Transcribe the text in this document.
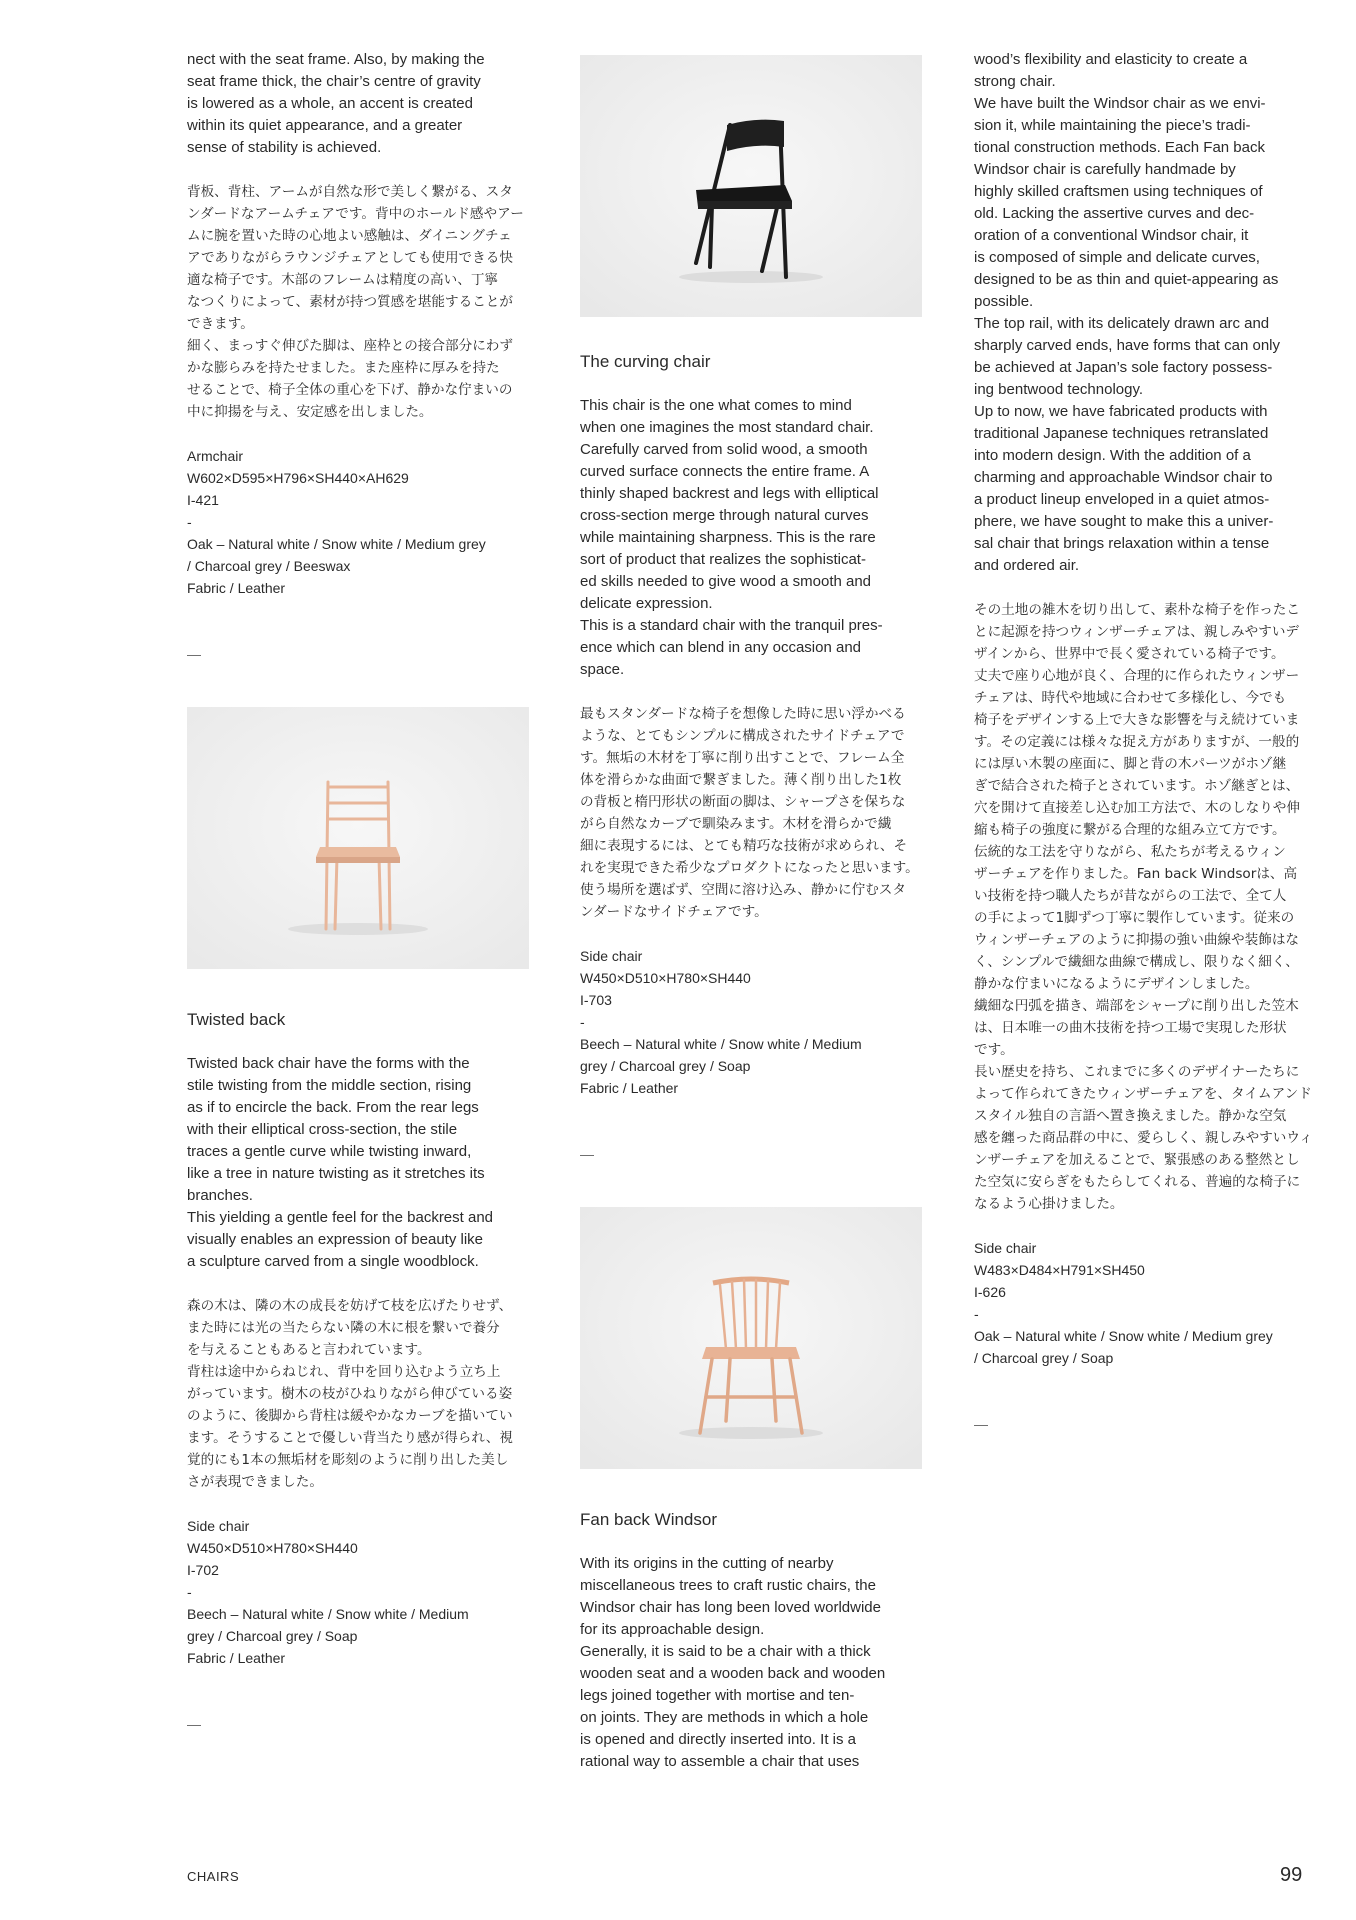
nect with the seat frame. Also, by making the
seat frame thick, the chair’s centre of gravity
is lowered as a whole, an accent is created
within its quiet appearance, and a greater
sense of stability is achieved.

背板、背柱、アームが自然な形で美しく繋がる、スタ
ンダードなアームチェアです。背中のホールド感やアー
ムに腕を置いた時の心地よい感触は、ダイニングチェ
アでありながらラウンジチェアとしても使用できる快
適な椅子です。木部のフレームは精度の高い、丁寧
なつくりによって、素材が持つ質感を堪能することが
できます。
細く、まっすぐ伸びた脚は、座枠との接合部分にわず
かな膨らみを持たせました。また座枠に厚みを持た
せることで、椅子全体の重心を下げ、静かな佇まいの
中に抑揚を与え、安定感を出しました。

Armchair
W602×D595×H796×SH440×AH629
I-421
-
Oak – Natural white / Snow white / Medium grey
/ Charcoal grey / Beeswax
Fabric / Leather

—
Twisted back

Twisted back chair have the forms with the
stile twisting from the middle section, rising
as if to encircle the back. From the rear legs
with their elliptical cross-section, the stile
traces a gentle curve while twisting inward,
like a tree in nature twisting as it stretches its
branches.
This yielding a gentle feel for the backrest and
visually enables an expression of beauty like
a sculpture carved from a single woodblock.

森の木は、隣の木の成長を妨げて枝を広げたりせず、
また時には光の当たらない隣の木に根を繋いで養分
を与えることもあると言われています。
背柱は途中からねじれ、背中を回り込むよう立ち上
がっています。樹木の枝がひねりながら伸びている姿
のように、後脚から背柱は緩やかなカーブを描いてい
ます。そうすることで優しい背当たり感が得られ、視
覚的にも1本の無垢材を彫刻のように削り出した美し
さが表現できました。

Side chair
W450×D510×H780×SH440
I-702
-
Beech – Natural white / Snow white / Medium
grey / Charcoal grey / Soap
Fabric / Leather

—
The curving chair

This chair is the one what comes to mind
when one imagines the most standard chair.
Carefully carved from solid wood, a smooth
curved surface connects the entire frame. A
thinly shaped backrest and legs with elliptical
cross-section merge through natural curves
while maintaining sharpness. This is the rare
sort of product that realizes the sophisticat-
ed skills needed to give wood a smooth and
delicate expression.
This is a standard chair with the tranquil pres-
ence which can blend in any occasion and
space.

最もスタンダードな椅子を想像した時に思い浮かべる
ような、とてもシンプルに構成されたサイドチェアで
す。無垢の木材を丁寧に削り出すことで、フレーム全
体を滑らかな曲面で繋ぎました。薄く削り出した1枚
の背板と楕円形状の断面の脚は、シャープさを保ちな
がら自然なカーブで馴染みます。木材を滑らかで繊
細に表現するには、とても精巧な技術が求められ、そ
れを実現できた希少なプロダクトになったと思います。
使う場所を選ばず、空間に溶け込み、静かに佇むスタ
ンダードなサイドチェアです。

Side chair
W450×D510×H780×SH440
I-703
-
Beech – Natural white / Snow white / Medium
grey / Charcoal grey / Soap
Fabric / Leather

—
Fan back Windsor

With its origins in the cutting of nearby
miscellaneous trees to craft rustic chairs, the
Windsor chair has long been loved worldwide
for its approachable design.
Generally, it is said to be a chair with a thick
wooden seat and a wooden back and wooden
legs joined together with mortise and ten-
on joints. They are methods in which a hole
is opened and directly inserted into. It is a
rational way to assemble a chair that uses

wood’s flexibility and elasticity to create a
strong chair.
We have built the Windsor chair as we envi-
sion it, while maintaining the piece’s tradi-
tional construction methods. Each Fan back
Windsor chair is carefully handmade by
highly skilled craftsmen using techniques of
old. Lacking the assertive curves and dec-
oration of a conventional Windsor chair, it
is composed of simple and delicate curves,
designed to be as thin and quiet-appearing as
possible.
The top rail, with its delicately drawn arc and
sharply carved ends, have forms that can only
be achieved at Japan’s sole factory possess-
ing bentwood technology.
Up to now, we have fabricated products with
traditional Japanese techniques retranslated
into modern design. With the addition of a
charming and approachable Windsor chair to
a product lineup enveloped in a quiet atmos-
phere, we have sought to make this a univer-
sal chair that brings relaxation within a tense
and ordered air.

その土地の雑木を切り出して、素朴な椅子を作ったこ
とに起源を持つウィンザーチェアは、親しみやすいデ
ザインから、世界中で長く愛されている椅子です。
丈夫で座り心地が良く、合理的に作られたウィンザー
チェアは、時代や地域に合わせて多様化し、今でも
椅子をデザインする上で大きな影響を与え続けていま
す。その定義には様々な捉え方がありますが、一般的
には厚い木製の座面に、脚と背の木パーツがホゾ継
ぎで結合された椅子とされています。ホゾ継ぎとは、
穴を開けて直接差し込む加工方法で、木のしなりや伸
縮も椅子の強度に繋がる合理的な組み立て方です。
伝統的な工法を守りながら、私たちが考えるウィン
ザーチェアを作りました。Fan back Windsorは、高
い技術を持つ職人たちが昔ながらの工法で、全て人
の手によって1脚ずつ丁寧に製作しています。従来の
ウィンザーチェアのように抑揚の強い曲線や装飾はな
く、シンプルで繊細な曲線で構成し、限りなく細く、
静かな佇まいになるようにデザインしました。
繊細な円弧を描き、端部をシャープに削り出した笠木
は、日本唯一の曲木技術を持つ工場で実現した形状
です。
長い歴史を持ち、これまでに多くのデザイナーたちに
よって作られてきたウィンザーチェアを、タイムアンド
スタイル独自の言語へ置き換えました。静かな空気
感を纏った商品群の中に、愛らしく、親しみやすいウィ
ンザーチェアを加えることで、緊張感のある整然とし
た空気に安らぎをもたらしてくれる、普遍的な椅子に
なるよう心掛けました。

Side chair
W483×D484×H791×SH450
I-626
-
Oak – Natural white / Snow white / Medium grey
/ Charcoal grey / Soap

—
CHAIRS	99
